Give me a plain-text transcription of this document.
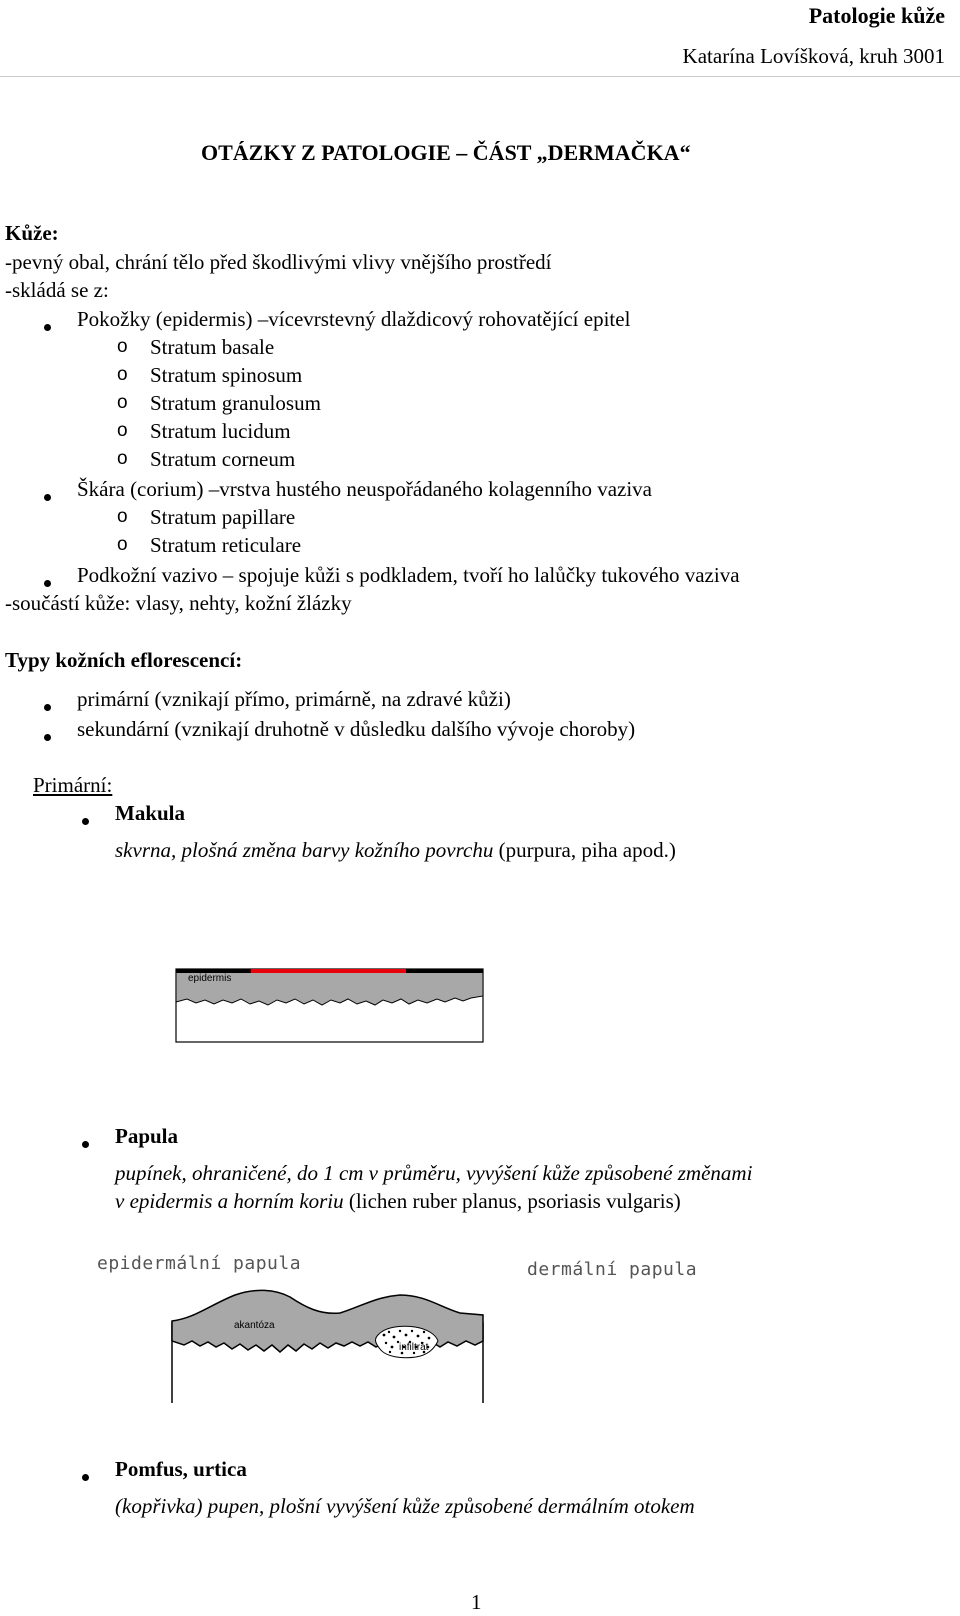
Patologie kůže
Katarína Lovíšková, kruh 3001
OTÁZKY Z PATOLOGIE – ČÁST „DERMAČKA“
Kůže:
-pevný obal, chrání tělo před škodlivými vlivy vnějšího prostředí
-skládá se z:
Pokožky (epidermis) –vícevrstevný dlaždicový rohovatějící epitel
o Stratum basale
o Stratum spinosum
o Stratum granulosum
o Stratum lucidum
o Stratum corneum
Škára (corium) –vrstva hustého neuspořádaného kolagenního vaziva
o Stratum papillare
o Stratum reticulare
Podkožní vazivo – spojuje kůži s podkladem, tvoří ho lalůčky tukového vaziva
-součástí kůže: vlasy, nehty, kožní žlázky
Typy kožních eflorescencí:
primární (vznikají přímo, primárně, na zdravé kůži)
sekundární (vznikají druhotně v důsledku dalšího vývoje choroby)
Primární:
Makula
skvrna, plošná změna barvy kožního povrchu (purpura, piha apod.)
epidermis
Papula
pupínek, ohraničené, do 1 cm v průměru, vyvýšení kůže způsobené změnami
v epidermis a horním koriu (lichen ruber planus, psoriasis vulgaris)
epidermální papula	dermální papula
akantóza
infiltrát
Pomfus, urtica
(kopřivka) pupen, plošní vyvýšení kůže způsobené dermálním otokem
1
